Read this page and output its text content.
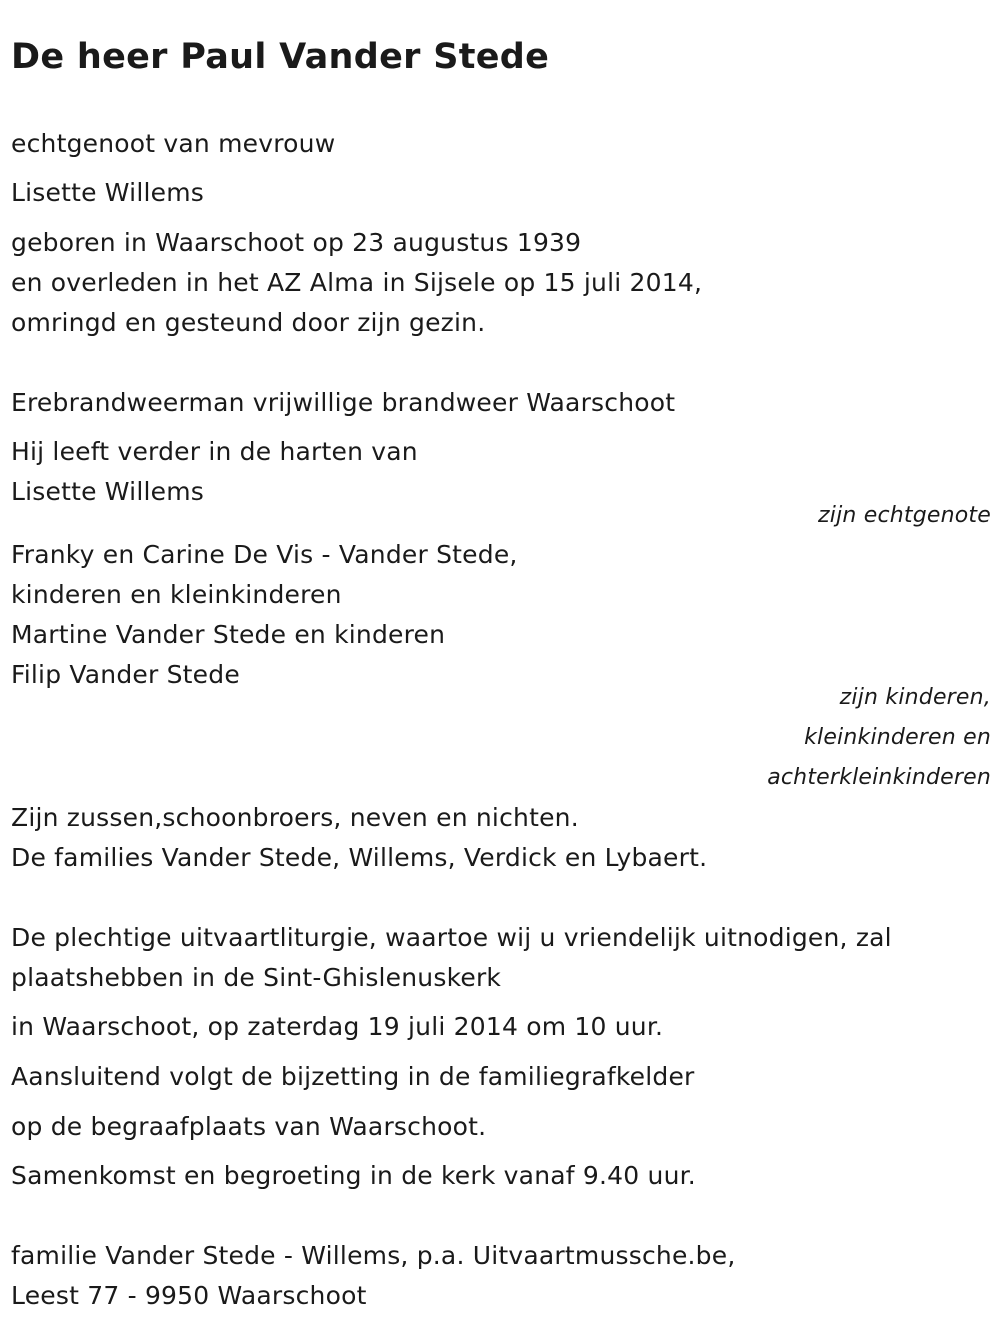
De heer Paul Vander Stede
echtgenoot van mevrouw
Lisette Willems
geboren in Waarschoot op 23 augustus 1939
en overleden in het AZ Alma in Sijsele op 15 juli 2014,
omringd en gesteund door zijn gezin.
Erebrandweerman vrijwillige brandweer Waarschoot
Hij leeft verder in de harten van
Lisette Willems
zijn echtgenote
Franky en Carine De Vis - Vander Stede,
kinderen en kleinkinderen
Martine Vander Stede en kinderen
Filip Vander Stede
zijn kinderen,
kleinkinderen en
achterkleinkinderen
Zijn zussen,schoonbroers, neven en nichten.
De families Vander Stede, Willems, Verdick en Lybaert.
De plechtige uitvaartliturgie, waartoe wij u vriendelijk uitnodigen, zal
plaatshebben in de Sint-Ghislenuskerk
in Waarschoot, op zaterdag 19 juli 2014 om 10 uur.
Aansluitend volgt de bijzetting in de familiegrafkelder
op de begraafplaats van Waarschoot.
Samenkomst en begroeting in de kerk vanaf 9.40 uur.
familie Vander Stede - Willems, p.a. Uitvaartmussche.be,
Leest 77 - 9950 Waarschoot
